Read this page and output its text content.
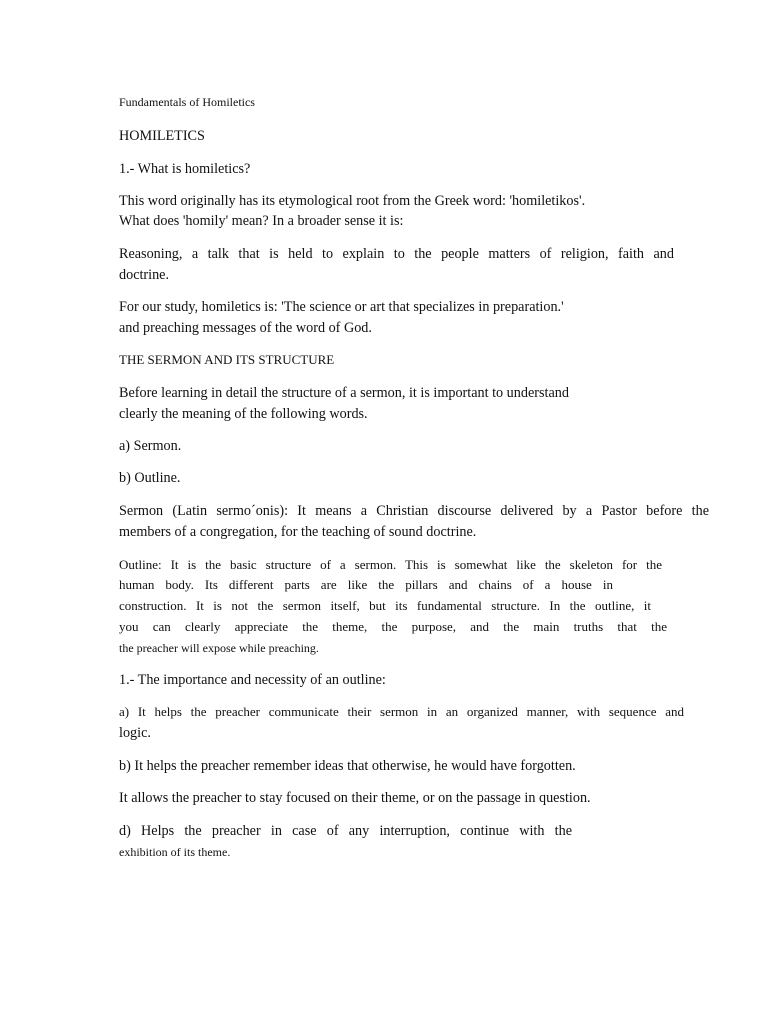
Fundamentals of Homiletics
HOMILETICS
1.- What is homiletics?
This word originally has its etymological root from the Greek word: 'homiletikos'.
What does 'homily' mean? In a broader sense it is:
Reasoning, a talk that is held to explain to the people matters of religion, faith and
doctrine.
For our study, homiletics is: 'The science or art that specializes in preparation.'
and preaching messages of the word of God.
THE SERMON AND ITS STRUCTURE
Before learning in detail the structure of a sermon, it is important to understand
clearly the meaning of the following words.
a) Sermon.
b) Outline.
Sermon (Latin sermo´onis): It means a Christian discourse delivered by a Pastor before the
members of a congregation, for the teaching of sound doctrine.
Outline: It is the basic structure of a sermon. This is somewhat like the skeleton for the
human body. Its different parts are like the pillars and chains of a house in
construction. It is not the sermon itself, but its fundamental structure. In the outline, it
you can clearly appreciate the theme, the purpose, and the main truths that the
the preacher will expose while preaching.
1.- The importance and necessity of an outline:
a) It helps the preacher communicate their sermon in an organized manner, with sequence and
logic.
b) It helps the preacher remember ideas that otherwise, he would have forgotten.
It allows the preacher to stay focused on their theme, or on the passage in question.
d) Helps the preacher in case of any interruption, continue with the
exhibition of its theme.
